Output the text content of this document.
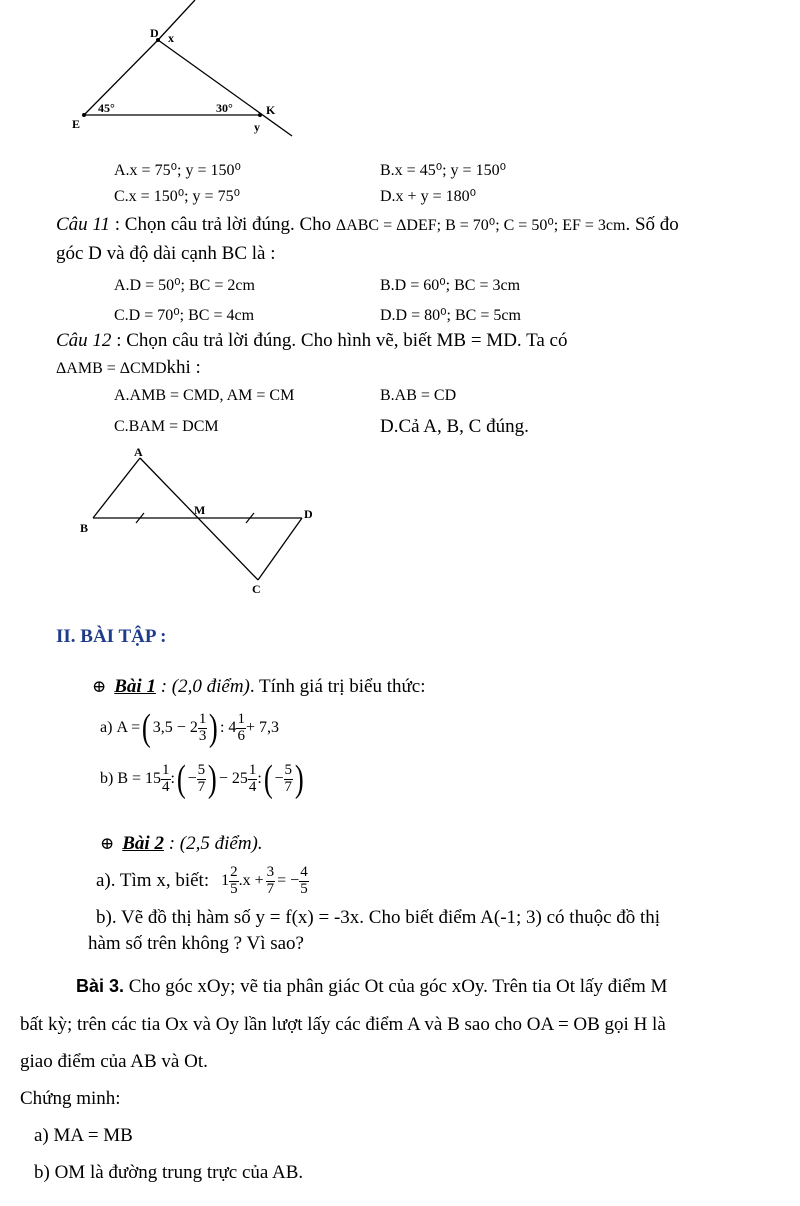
D x
E
K
y
45°	30°
A.x = 75⁰; y = 150⁰	B.x = 45⁰; y = 150⁰
C.x = 150⁰; y = 75⁰	D.x + y = 180⁰
Câu 11 : Chọn câu trả lời đúng. Cho ΔABC = ΔDEF; B = 70⁰; C = 50⁰; EF = 3cm. Số đo
góc D và độ dài cạnh BC là :
A.D = 50⁰; BC = 2cm	B.D = 60⁰; BC = 3cm
C.D = 70⁰; BC = 4cm	D.D = 80⁰; BC = 5cm
Câu 12 : Chọn câu trả lời đúng. Cho hình vẽ, biết MB = MD. Ta có
ΔAMB = ΔCMDkhi :
A.AMB = CMD, AM = CM	B.AB = CD
C.BAM = DCM	D.Cả A, B, C đúng.
A
B
M	D
C
II. BÀI TẬP :
⊕ Bài 1 : (2,0 điểm). Tính giá trị biểu thức:
a) A = ( $3,5 - 2 \frac{1}{3}$ ) : $4 \frac{1}{6} + 7,3$
b) $B = 15 \frac{1}{4}$ : ( − $\frac{5}{7}$ ) − $25 \frac{1}{4}$ : ( − $\frac{5}{7}$ )
⊕ Bài 2 : (2,5 điểm).
a). Tìm x, biết: $1 \frac{2}{5} .x + \frac{3}{7}$ = − $\frac{4}{5}$
b). Vẽ đồ thị hàm số y = f(x) = -3x. Cho biết điểm A(-1; 3) có thuộc đồ thị
hàm số trên không ? Vì sao?
Bài 3. Cho góc xOy; vẽ tia phân giác Ot của góc xOy. Trên tia Ot lấy điểm M
bất kỳ; trên các tia Ox và Oy lần lượt lấy các điểm A và B sao cho OA = OB gọi H là
giao điểm của AB và Ot.
Chứng minh:
a) MA = MB
b) OM là đường trung trực của AB.
